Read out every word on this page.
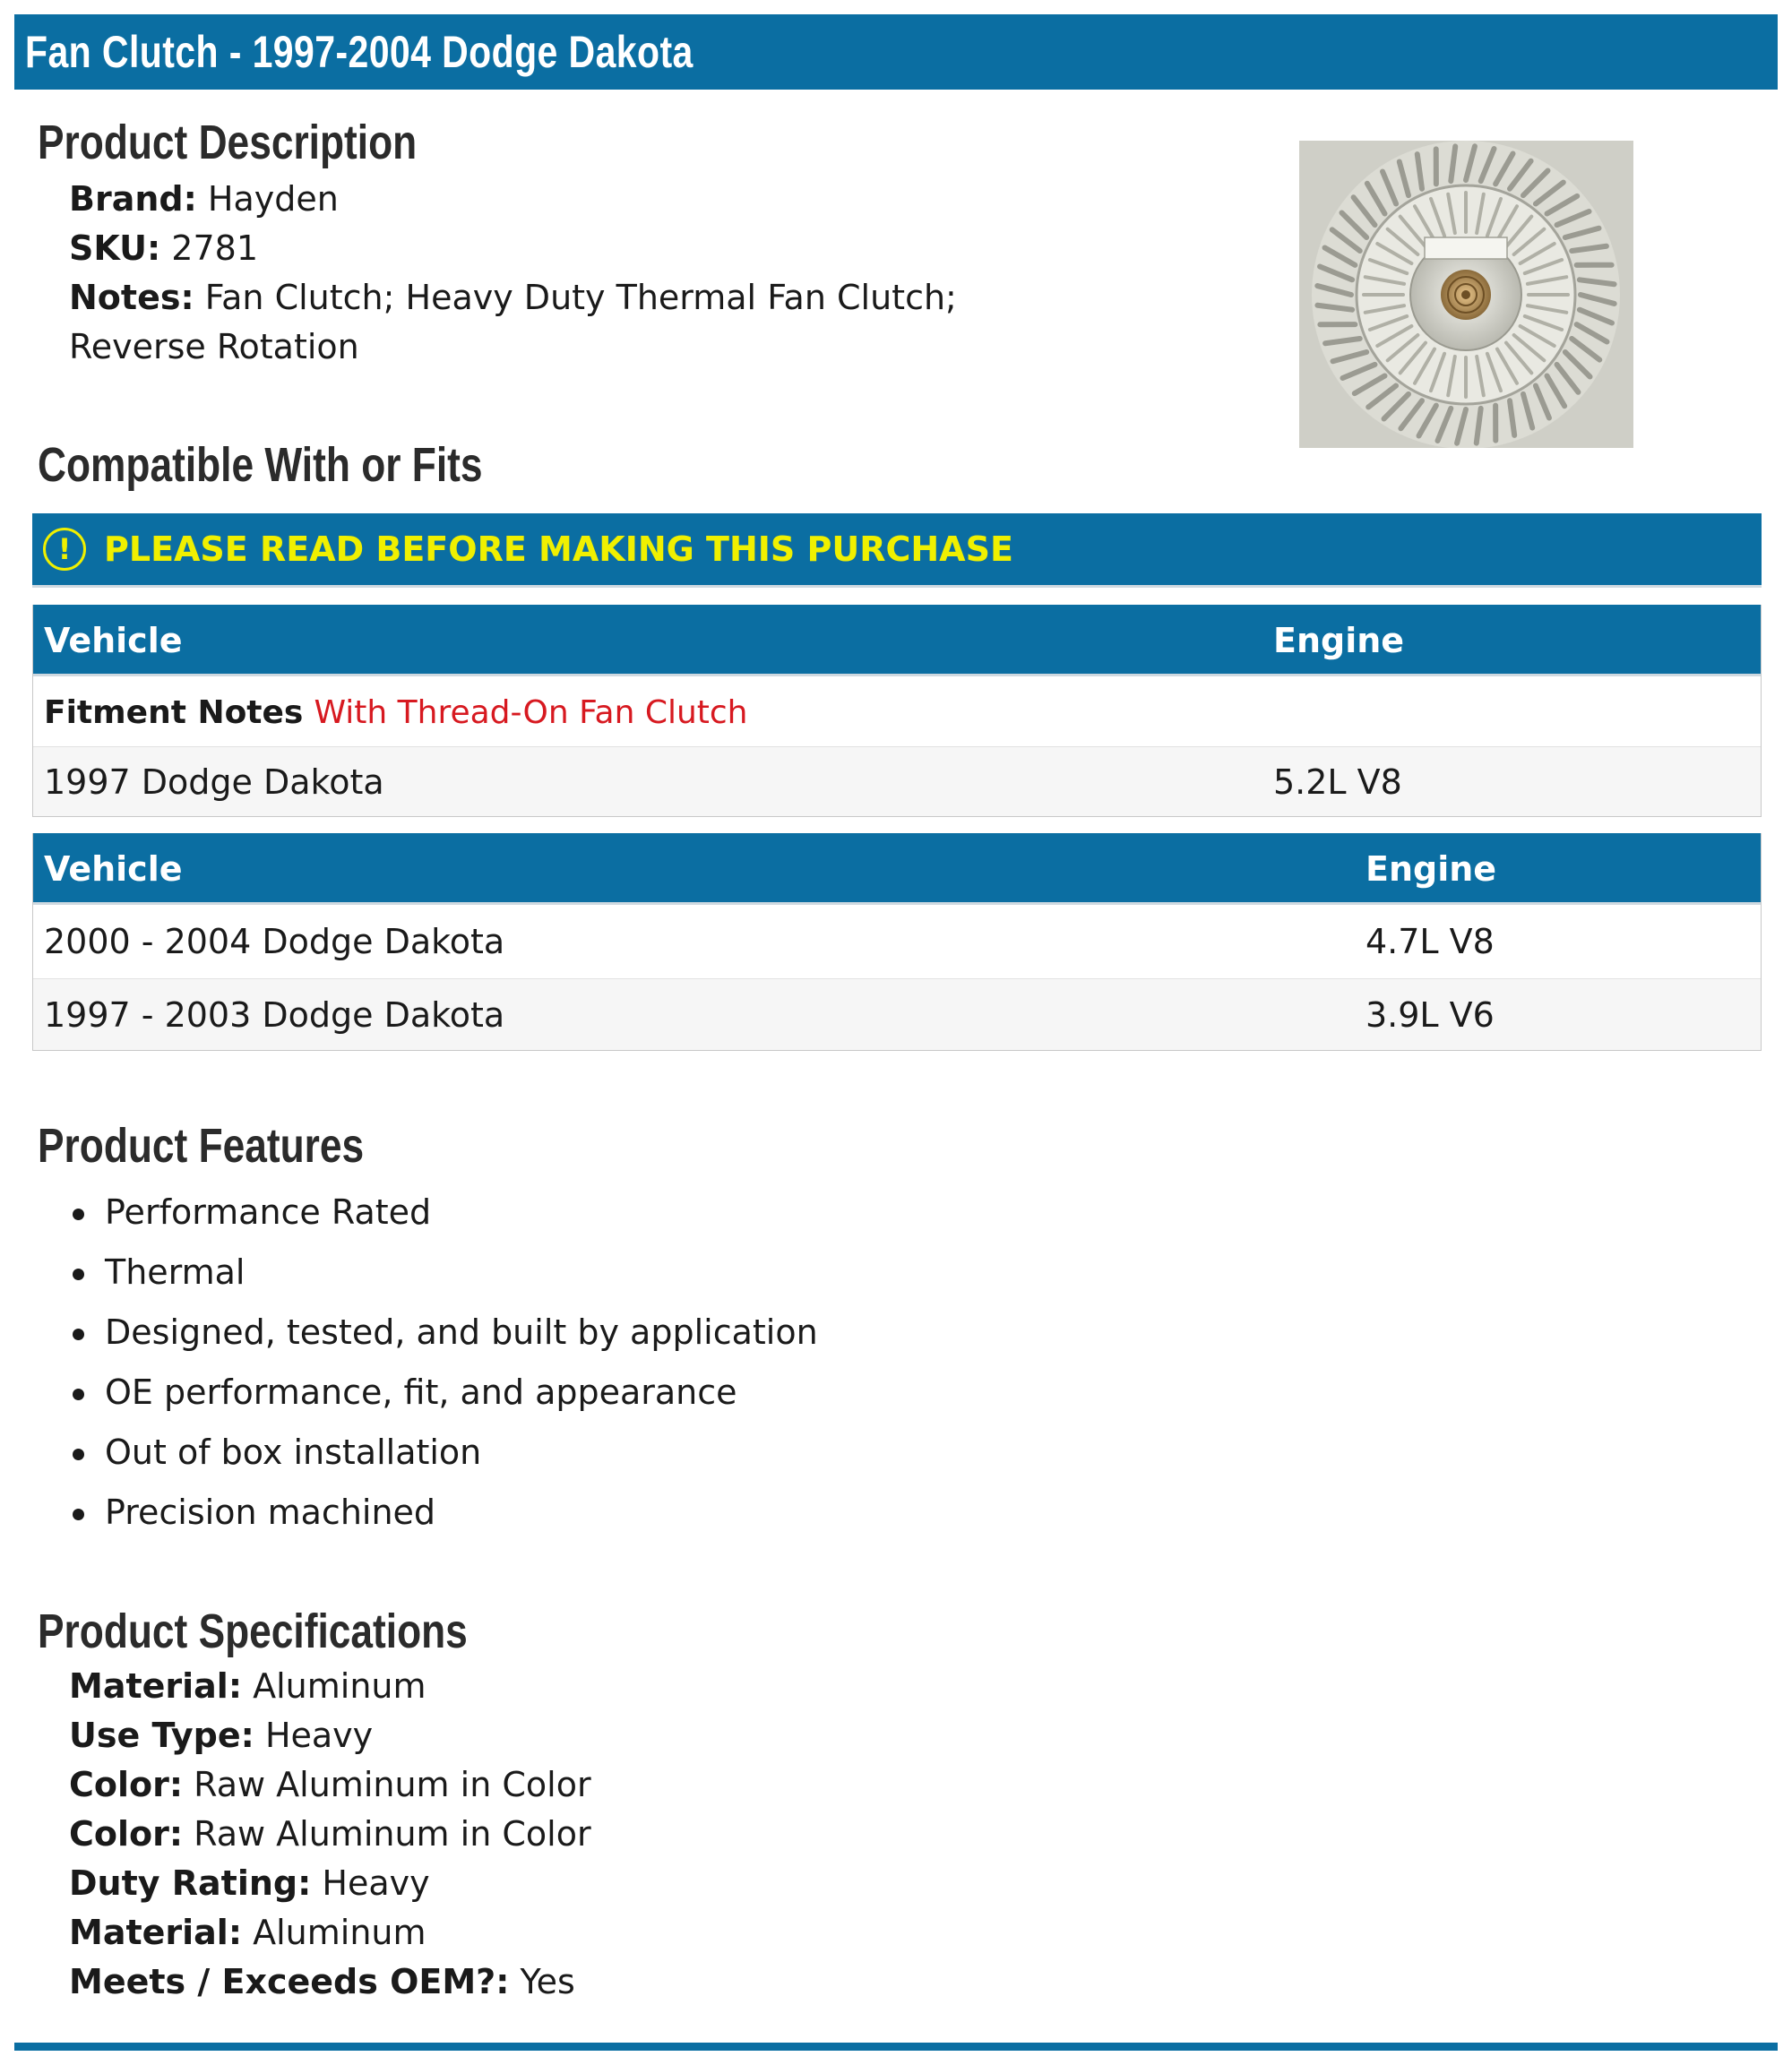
Fan Clutch - 1997-2004 Dodge Dakota
Product Description
Brand: Hayden
SKU: 2781
Notes: Fan Clutch; Heavy Duty Thermal Fan Clutch; Reverse Rotation
Compatible With or Fits
! PLEASE READ BEFORE MAKING THIS PURCHASE
Vehicle	Engine
Fitment Notes With Thread-On Fan Clutch
1997 Dodge Dakota	5.2L V8
Vehicle	Engine
2000 - 2004 Dodge Dakota	4.7L V8
1997 - 2003 Dodge Dakota	3.9L V6
Product Features
Performance Rated
Thermal
Designed, tested, and built by application
OE performance, fit, and appearance
Out of box installation
Precision machined
Product Specifications
Material: Aluminum
Use Type: Heavy
Color: Raw Aluminum in Color
Color: Raw Aluminum in Color
Duty Rating: Heavy
Material: Aluminum
Meets / Exceeds OEM?: Yes
